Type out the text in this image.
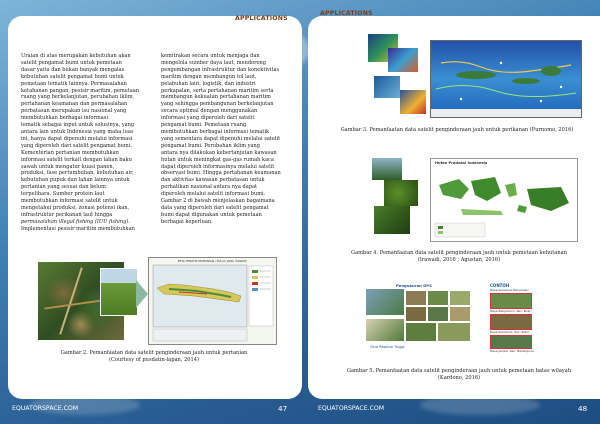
APPLICATIONS

Uraian di atas merupakan kebutuhan akan

satelit pengamat bumi untuk pemetaan

dasar yaitu dan bukan banyak mengalas

kebutuhan satelit pengamat bumi untuk

pemetaan tematik lainnya. Permasalahan

ketahanan pangan, pesisir maritim, pemetaan

ruang yang berkelanjutan, perubahan iklim,

pertahanan keamanan dan permasalahan

perbatasan merupakan isu nasional yang

membutuhkan berbagai informasi

tematik sebagai input untuk solusinya, yang

antara lain untuk Indonesia yang maha luas

ini, hanya dapat dipenuhi melalui informasi

yang diperoleh dari satelit pengamat bumi.

Kementerian pertanian membutuhkan

informasi satelit terkait dengan lahan baku

sawah untuk mengatur kuasi panen,

produksi, fase pertumbuhan, kebutuhan air,

kebutuhan pupuk dan lahan lainnya untuk

pertanian yang sesuai dan belum

terpelihara. Sumber protein laut

membutuhkan informasi satelit untuk

mengetahui produksi, zonasi potensi ikan,

infrastruktur perikanan laut hingga

permasalahan illegal fishing (IUU fishing).

Implementasi pesisir maritim membutuhkan

kemitrakan secara untuk menjaga dan

mengelola sumber daya laut, mendorong

pengembangan infrastruktur dan konektivitas

maritim dengan membangun tol laut,

pelabuhan laut, logistik, dan industri

perkapalan, serta pertahanan maritim serta

membangun kekuatan pertahanan maritim

yang sehingga pembangunan berkelanjutan

secara optimal dengan menggunakan

informasi yang diperoleh dari satelit

pengamat bumi. Pemetaan ruang

membutuhkan berbagai informasi tematik

yang sementara dapat dipenuhi melalui satelit

pengamat bumi. Perubahan iklim yang

antara nya dilakukan kebertanjutan kawasan

hutan untuk meningkat gas-gas rumah kaca

dapat diperoleh informasinya melalui satelit

observasi bumi. Hingga pertahanan keamanan

dan aktivitas kawasan perbatasan untuk

perhatikan nasional antara nya dapat

diperoleh melalui satelit informasi bumi.

Gambar 2 di bawah menjelaskan bagaimana

data yang diperoleh dari satelit pengamat

bumi dapat digunakan untuk pemetaan

berbagai keperluan.

PETA TEMATIK PERTANIAN / PULAU JAWA (SAWAH)
Gambar 2. Pemanfaatan data satelit penginderaan jauh untuk pertanian
(Courtesy of pusdatin-lapan, 2014)
EQUATORSPACE.COM	47
APPLICATIONS
Gambar 3. Pemanfaatan data satelit penginderaan jauh untuk perikanan (Purnomo, 2016)
Hutan Produksi Indonesia
Gambar 4. Pemanfaatan data satelit penginderaan jauh untuk pemetaan kehutanan
(Irawadi, 2016 ; Agustan, 2016)
Pengukuran GPS
Citra Resolusi Tinggi
CONTOH
Desa Sukahuni Banjarsari
Desa Banjarkoro, Kec. Bokri
Desa Sukahuni, Kec. Bokri
Desa Jambe, Kec. Bantarpura
Gambar 5. Pemanfaatan data satelit penginderaan jauh untuk pemetaan batas wilayah
(Kardono, 2016)
EQUATORSPACE.COM	48
